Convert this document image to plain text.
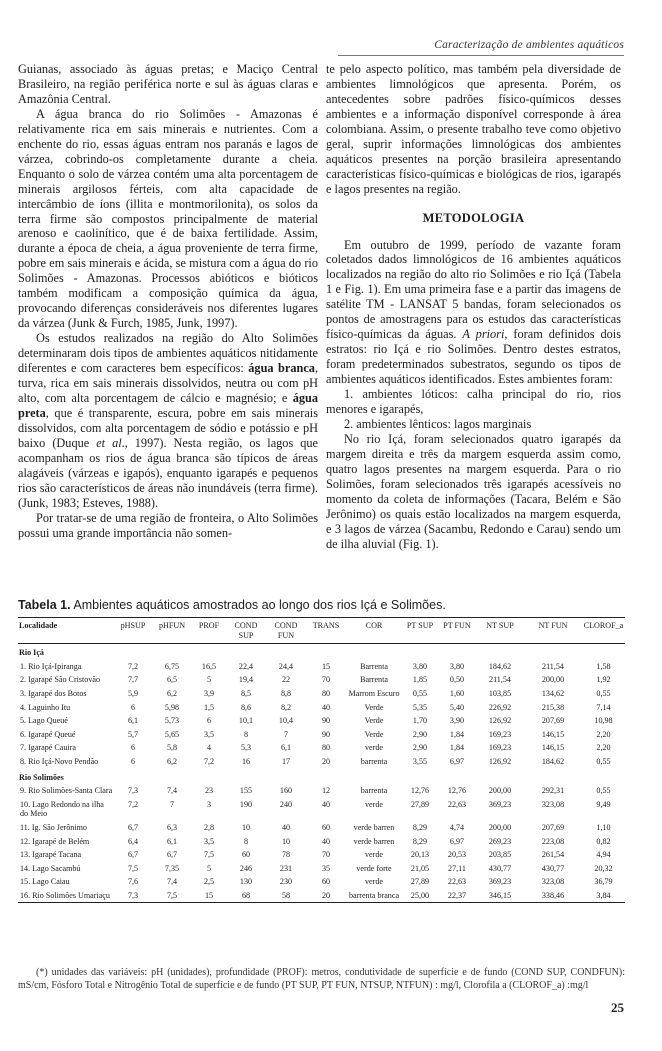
Caracterização de ambientes aquáticos

Guianas, associado às águas pretas; e Maciço Central Brasileiro, na região periférica norte e sul às águas claras e Amazônia Central.

A água branca do rio Solimões - Amazonas é relativamente rica em sais minerais e nutrientes. Com a enchente do rio, essas águas entram nos paranás e lagos de várzea, cobrindo-os completamente durante a cheia. Enquanto o solo de várzea contém uma alta porcentagem de minerais argilosos férteis, com alta capacidade de intercâmbio de íons (illita e montmorilonita), os solos da terra firme são compostos principalmente de material arenoso e caolinítico, que é de baixa fertilidade. Assim, durante a época de cheia, a água proveniente de terra firme, pobre em sais minerais e ácida, se mistura com a água do rio Solimões - Amazonas. Processos abióticos e bióticos também modificam a composição química da água, provocando diferenças consideráveis nos diferentes lugares da várzea (Junk & Furch, 1985, Junk, 1997).

Os estudos realizados na região do Alto Solimões determinaram dois tipos de ambientes aquáticos nitidamente diferentes e com caracteres bem específicos: água branca, turva, rica em sais minerais dissolvidos, neutra ou com pH alto, com alta porcentagem de cálcio e magnésio; e água preta, que é transparente, escura, pobre em sais minerais dissolvidos, com alta porcentagem de sódio e potássio e pH baixo (Duque et al., 1997). Nesta região, os lagos que acompanham os rios de água branca são típicos de áreas alagáveis (várzeas e igapós), enquanto igarapés e pequenos rios são característicos de áreas não inundáveis (terra firme). (Junk, 1983; Esteves, 1988).

Por tratar-se de uma região de fronteira, o Alto Solimões possui uma grande importância não somen-

te pelo aspecto político, mas também pela diversidade de ambientes limnológicos que apresenta. Porém, os antecedentes sobre padrões físico-químicos desses ambientes e a informação disponível corresponde à área colombiana. Assim, o presente trabalho teve como objetivo geral, suprir informações limnológicas dos ambientes aquáticos presentes na porção brasileira apresentando características físico-químicas e biológicas de rios, igarapés e lagos presentes na região.

METODOLOGIA

Em outubro de 1999, período de vazante foram coletados dados limnológicos de 16 ambientes aquáticos localizados na região do alto rio Solimões e rio Içá (Tabela 1 e Fig. 1). Em uma primeira fase e a partir das imagens de satélite TM - LANSAT 5 bandas, foram selecionados os pontos de amostragens para os estudos das características físico-químicas da águas. A priori, foram definidos dois estratos: rio Içá e rio Solimões. Dentro destes estratos, foram predeterminados subestratos, segundo os tipos de ambientes aquáticos identificados. Estes ambientes foram:

1. ambientes lóticos: calha principal do rio, rios menores e igarapés,

2. ambientes lênticos: lagos marginais

No rio Içá, foram selecionados quatro igarapés da margem direita e três da margem esquerda assim como, quatro lagos presentes na margem esquerda. Para o rio Solimões, foram selecionados três igarapés acessíveis no momento da coleta de informações (Tacara, Belém e São Jerônimo) os quais estão localizados na margem esquerda, e 3 lagos de várzea (Sacambu, Redondo e Carau) sendo um de ilha aluvial (Fig. 1).

Tabela 1. Ambientes aquáticos amostrados ao longo dos rios Içá e Solimões.
Localidade	pHSUP	pHFUN	PROF	COND SUP	COND FUN	TRANS	COR	PT SUP	PT FUN	NT SUP	NT FUN	CLOROF_a
Rio Içá												
1. Rio Içá-Ipiranga	7,2	6,75	16,5	22,4	24,4	15	Barrenta	3,80	3,80	184,62	211,54	1,58
2. Igarapé São Cristovão	7,7	6,5	5	19,4	22	70	Barrenta	1,85	0,50	211,54	200,00	1,92
3. Igarapé dos Botos	5,9	6,2	3,9	8,5	8,8	80	Marrom Escuro	0,55	1,60	103,85	134,62	0,55
4. Laguinho Itu	6	5,98	1,5	8,6	8,2	40	Verde	5,35	5,40	226,92	215,38	7,14
5. Lago Queué	6,1	5,73	6	10,1	10,4	90	Verde	1,70	3,90	126,92	207,69	10,98
6. Igarapé Queué	5,7	5,65	3,5	8	7	90	Verde	2,90	1,84	169,23	146,15	2,20
7. Igarapé Cauira	6	5,8	4	5,3	6,1	80	verde	2,90	1,84	169,23	146,15	2,20
8. Rio Içá-Novo Pendão	6	6,2	7,2	16	17	20	barrenta	3,55	6,97	126,92	184,62	0,55
Rio Solimões												
9. Rio Solimões-Santa Clara	7,3	7,4	23	155	160	12	barrenta	12,76	12,76	200,00	292,31	0,55
10. Lago Redondo na ilha do Meio	7,2	7	3	190	240	40	verde	27,89	22,63	369,23	323,08	9,49
11. Ig. São Jerônimo	6,7	6,3	2,8	10	40	60	verde barren	8,29	4,74	200,00	207,69	1,10
12. Igarapé de Belém	6,4	6,1	3,5	8	10	40	verde barren	8,29	6,97	269,23	223,08	0,82
13. Igarapé Tacana	6,7	6,7	7,5	60	78	70	verde	20,13	20,53	203,85	261,54	4,94
14. Lago Sacambú	7,5	7,35	5	246	231	35	verde forte	21,05	27,11	430,77	430,77	20,32
15. Lago Caiau	7,6	7,4	2,5	130	230	60	verde	27,89	22,63	369,23	323,08	36,79
16. Rio Solimões Umariaçu	7,3	7,5	15	68	58	20	barrenta branca	25,00	22,37	346,15	338,46	3,84
(*) unidades das variáveis: pH (unidades), profundidade (PROF): metros, condutividade de superfície e de fundo (COND SUP, CONDFUN): mS/cm, Fósforo Total e Nitrogênio Total de superfície e de fundo (PT SUP, PT FUN, NTSUP, NTFUN) : mg/l, Clorofila a (CLOROF_a) :mg/l
25
